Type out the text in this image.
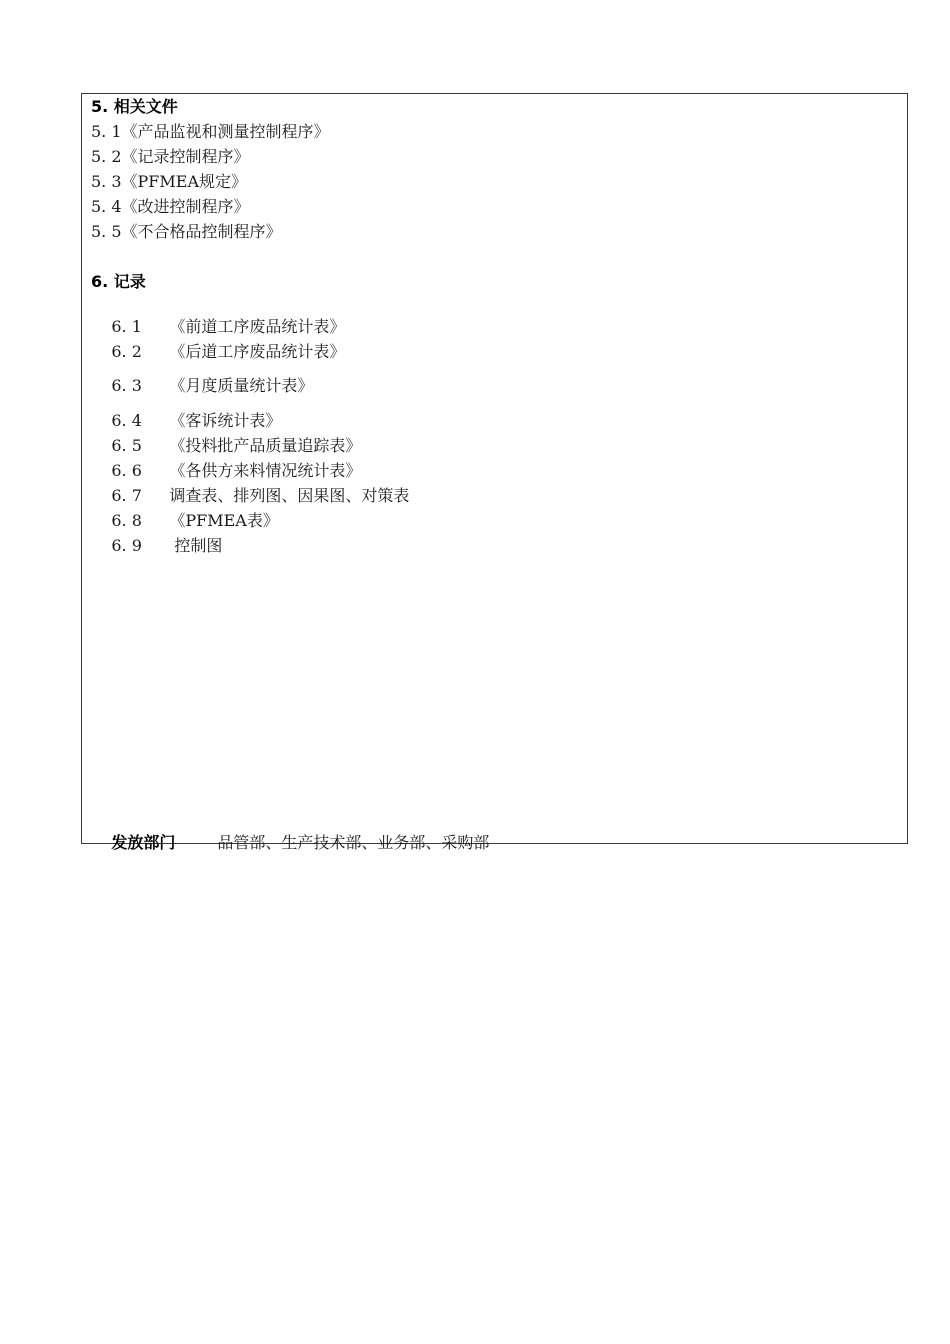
5. 相关文件
5. 1《产品监视和测量控制程序》
5. 2《记录控制程序》
5. 3《PFMEA规定》
5. 4《改进控制程序》
5. 5《不合格品控制程序》
6. 记录

6. 1 《前道工序废品统计表》

6. 2 《后道工序废品统计表》

6. 3 《月度质量统计表》

6. 4 《客诉统计表》

6. 5 《投料批产品质量追踪表》

6. 6 《各供方来料情况统计表》

6. 7 调查表、排列图、因果图、对策表

6. 8 《PFMEA表》

6. 9 控制图

发放部门	品管部、生产技术部、业务部、采购部
